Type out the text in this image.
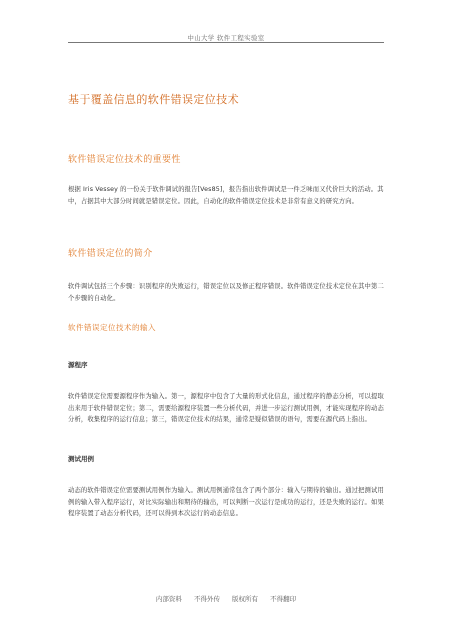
中山大学 软件工程实验室
基于覆盖信息的软件错误定位技术
软件错误定位技术的重要性

根据 Iris Vessey 的一份关于软件调试的报告[Ves85]，报告指出软件调试是一件乏味而又代价巨大的活动。其中，占据其中大部分时间就是错误定位。因此，自动化的软件错误定位技术是非常有意义的研究方向。

软件错误定位的简介

软件调试包括三个步骤：识别程序的失败运行，错误定位以及修正程序错误。软件错误定位技术定位在其中第二个步骤的自动化。

软件错误定位技术的输入
源程序

软件错误定位需要源程序作为输入。第一，源程序中包含了大量的形式化信息，通过程序的静态分析，可以提取出来用于软件错误定位；第二，需要给源程序装置一些分析代码，并进一步运行测试用例，才能实现程序的动态分析，收集程序的运行信息；第三，错误定位技术的结果，通常是疑似错误的语句，需要在源代码上指出。

测试用例

动态的软件错误定位需要测试用例作为输入。测试用例通常包含了两个部分：输入与期待的输出。通过把测试用例的输入带入程序运行，对比实际输出和期待的输出，可以判断一次运行是成功的运行，还是失败的运行。如果程序装置了动态分析代码，还可以得到本次运行的动态信息。

内部资料 不得外传 版权所有 不得翻印
